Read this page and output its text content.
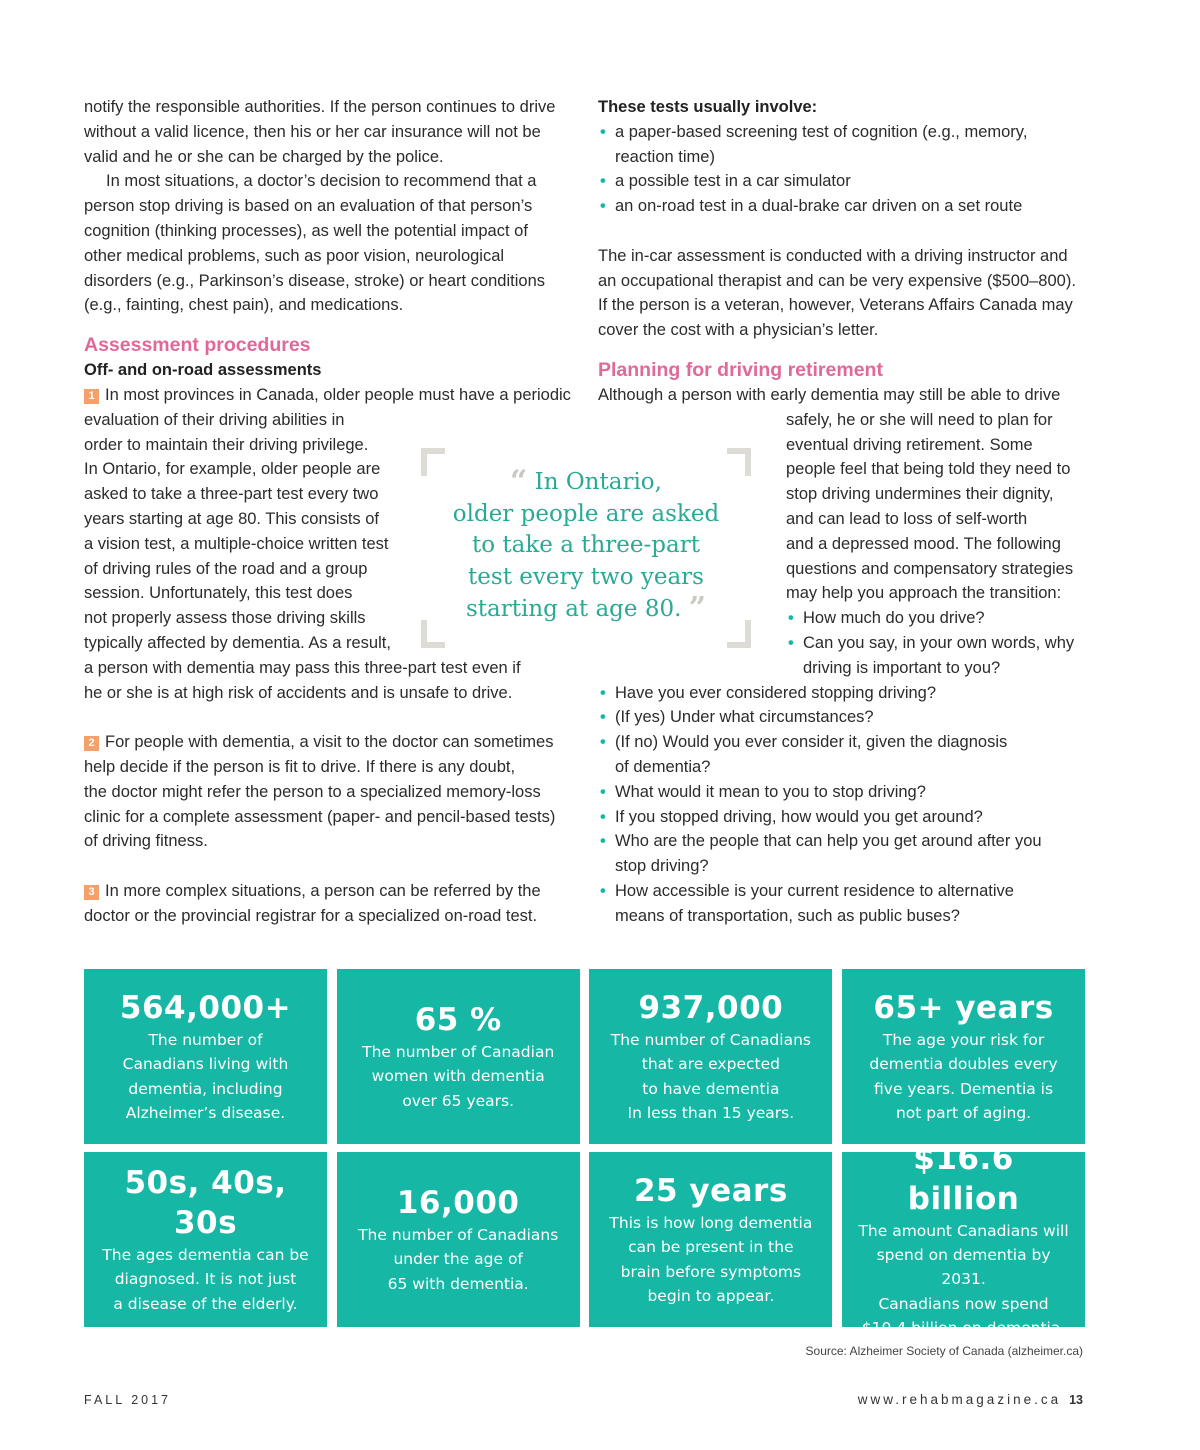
notify the responsible authorities. If the person continues to drive
without a valid licence, then his or her car insurance will not be
valid and he or she can be charged by the police.

In most situations, a doctor’s decision to recommend that a
person stop driving is based on an evaluation of that person’s
cognition (thinking processes), as well the potential impact of
other medical problems, such as poor vision, neurological
disorders (e.g., Parkinson’s disease, stroke) or heart conditions
(e.g., fainting, chest pain), and medications.

Assessment procedures
Off- and on-road assessments

1 In most provinces in Canada, older people must have a periodic
evaluation of their driving abilities in
order to maintain their driving privilege.
In Ontario, for example, older people are
asked to take a three-part test every two
years starting at age 80. This consists of
a vision test, a multiple-choice written test
of driving rules of the road and a group
session. Unfortunately, this test does
not properly assess those driving skills
typically affected by dementia. As a result,
a person with dementia may pass this three-part test even if
he or she is at high risk of accidents and is unsafe to drive.

2 For people with dementia, a visit to the doctor can sometimes
help decide if the person is fit to drive. If there is any doubt,
the doctor might refer the person to a specialized memory-loss
clinic for a complete assessment (paper- and pencil-based tests)
of driving fitness.

3 In more complex situations, a person can be referred by the
doctor or the provincial registrar for a specialized on-road test.

These tests usually involve:
• a paper-based screening test of cognition (e.g., memory,
reaction time)
• a possible test in a car simulator
• an on-road test in a dual-brake car driven on a set route

The in-car assessment is conducted with a driving instructor and
an occupational therapist and can be very expensive ($500–800).
If the person is a veteran, however, Veterans Affairs Canada may
cover the cost with a physician’s letter.

Planning for driving retirement

Although a person with early dementia may still be able to drive

safely, he or she will need to plan for
eventual driving retirement. Some
people feel that being told they need to
stop driving undermines their dignity,
and can lead to loss of self-worth
and a depressed mood. The following
questions and compensatory strategies
may help you approach the transition:

• How much do you drive?
• Can you say, in your own words, why
driving is important to you?
• Have you ever considered stopping driving?
• (If yes) Under what circumstances?
• (If no) Would you ever consider it, given the diagnosis
of dementia?
• What would it mean to you to stop driving?
• If you stopped driving, how would you get around?
• Who are the people that can help you get around after you
stop driving?
• How accessible is your current residence to alternative
means of transportation, such as public buses?
“ In Ontario,
older people are asked
to take a three-part
test every two years
starting at age 80. ”
564,000+
The number of
Canadians living with
dementia, including
Alzheimer’s disease.
65 %
The number of Canadian
women with dementia
over 65 years.
937,000
The number of Canadians
that are expected
to have dementia
In less than 15 years.
65+ years
The age your risk for
dementia doubles every
five years. Dementia is
not part of aging.
50s, 40s, 30s
The ages dementia can be
diagnosed. It is not just
a disease of the elderly.
16,000
The number of Canadians
under the age of
65 with dementia.
25 years
This is how long dementia
can be present in the
brain before symptoms
begin to appear.
$16.6 billion
The amount Canadians will
spend on dementia by 2031.
Canadians now spend
$10.4 billion on dementia.
Source: Alzheimer Society of Canada (alzheimer.ca)
FALL 2017	www.rehabmagazine.ca 13
